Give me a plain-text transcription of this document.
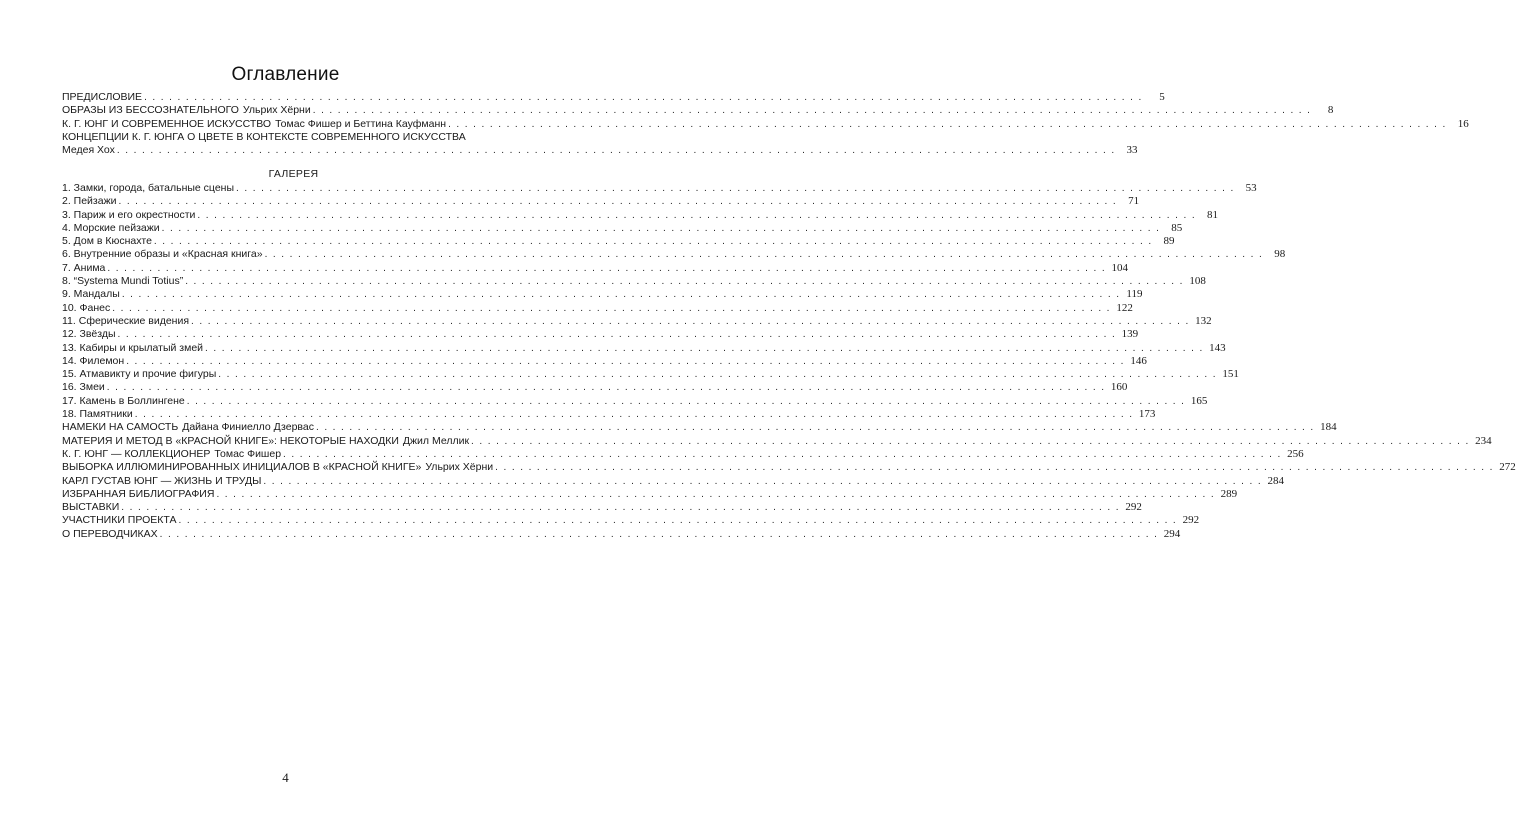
Оглавление
ПРЕДИСЛОВИЕ . . . . . . . . . . . . . . . . . . . . . . . . . . . . . . . . . . . . . . . . . . . . . . . . . . . . . . . . . . . . . . . . . . . . . . . . . . . . . . . . . . . . . . . . . . . . . . . . . . . . . . . . . . . . . . . . . . . . . . . .	5
ОБРАЗЫ ИЗ БЕССОЗНАТЕЛЬНОГО Ульрих Хёрни . . . . . . . . . . . . . . . . . . . . . . . . . . . . . . . . . . . . . . . . . . . . . . . . . . . . . . . . . . . . . . . . . . . . . . . . . . . . . . . . . . . . . . . . . . . . . . . . . . . . . . . . . . . . . . . . . . . . . . . .	8
К. Г. ЮНГ И СОВРЕМЕННОЕ ИСКУССТВО Томас Фишер и Беттина Кауфманн . . . . . . . . . . . . . . . . . . . . . . . . . . . . . . . . . . . . . . . . . . . . . . . . . . . . . . . . . . . . . . . . . . . . . . . . . . . . . . . . . . . . . . . . . . . . . . . . . . . . . . . . . . . . . . . . . . . . . . . .	16
КОНЦЕПЦИИ К. Г. ЮНГА О ЦВЕТЕ В КОНТЕКСТЕ СОВРЕМЕННОГО ИСКУССТВА
Медея Хох . . . . . . . . . . . . . . . . . . . . . . . . . . . . . . . . . . . . . . . . . . . . . . . . . . . . . . . . . . . . . . . . . . . . . . . . . . . . . . . . . . . . . . . . . . . . . . . . . . . . . . . . . . . . . . . . . . . . . . . .	33
ГАЛЕРЕЯ
1. Замки, города, батальные сцены . . . . . . . . . . . . . . . . . . . . . . . . . . . . . . . . . . . . . . . . . . . . . . . . . . . . . . . . . . . . . . . . . . . . . . . . . . . . . . . . . . . . . . . . . . . . . . . . . . . . . . . . . . . . . . . . . . . . . . . .	53
2. Пейзажи . . . . . . . . . . . . . . . . . . . . . . . . . . . . . . . . . . . . . . . . . . . . . . . . . . . . . . . . . . . . . . . . . . . . . . . . . . . . . . . . . . . . . . . . . . . . . . . . . . . . . . . . . . . . . . . . . . . . . . . .	71
3. Париж и его окрестности . . . . . . . . . . . . . . . . . . . . . . . . . . . . . . . . . . . . . . . . . . . . . . . . . . . . . . . . . . . . . . . . . . . . . . . . . . . . . . . . . . . . . . . . . . . . . . . . . . . . . . . . . . . . . . . . . . . . . . . .	81
4. Морские пейзажи . . . . . . . . . . . . . . . . . . . . . . . . . . . . . . . . . . . . . . . . . . . . . . . . . . . . . . . . . . . . . . . . . . . . . . . . . . . . . . . . . . . . . . . . . . . . . . . . . . . . . . . . . . . . . . . . . . . . . . . .	85
5. Дом в Кюснахте . . . . . . . . . . . . . . . . . . . . . . . . . . . . . . . . . . . . . . . . . . . . . . . . . . . . . . . . . . . . . . . . . . . . . . . . . . . . . . . . . . . . . . . . . . . . . . . . . . . . . . . . . . . . . . . . . . . . . . . .	89
6. Внутренние образы и «Красная книга» . . . . . . . . . . . . . . . . . . . . . . . . . . . . . . . . . . . . . . . . . . . . . . . . . . . . . . . . . . . . . . . . . . . . . . . . . . . . . . . . . . . . . . . . . . . . . . . . . . . . . . . . . . . . . . . . . . . . . . . .	98
7. Анима . . . . . . . . . . . . . . . . . . . . . . . . . . . . . . . . . . . . . . . . . . . . . . . . . . . . . . . . . . . . . . . . . . . . . . . . . . . . . . . . . . . . . . . . . . . . . . . . . . . . . . . . . . . . . . . . . . . . . . . . 104
8. “Systema Mundi Totius” . . . . . . . . . . . . . . . . . . . . . . . . . . . . . . . . . . . . . . . . . . . . . . . . . . . . . . . . . . . . . . . . . . . . . . . . . . . . . . . . . . . . . . . . . . . . . . . . . . . . . . . . . . . . . . . . . . . . . . . . 108
9. Мандалы . . . . . . . . . . . . . . . . . . . . . . . . . . . . . . . . . . . . . . . . . . . . . . . . . . . . . . . . . . . . . . . . . . . . . . . . . . . . . . . . . . . . . . . . . . . . . . . . . . . . . . . . . . . . . . . . . . . . . . . . 119
10. Фанес . . . . . . . . . . . . . . . . . . . . . . . . . . . . . . . . . . . . . . . . . . . . . . . . . . . . . . . . . . . . . . . . . . . . . . . . . . . . . . . . . . . . . . . . . . . . . . . . . . . . . . . . . . . . . . . . . . . . . . . . 122
11. Сферические видения . . . . . . . . . . . . . . . . . . . . . . . . . . . . . . . . . . . . . . . . . . . . . . . . . . . . . . . . . . . . . . . . . . . . . . . . . . . . . . . . . . . . . . . . . . . . . . . . . . . . . . . . . . . . . . . . . . . . . . . . 132
12. Звёзды . . . . . . . . . . . . . . . . . . . . . . . . . . . . . . . . . . . . . . . . . . . . . . . . . . . . . . . . . . . . . . . . . . . . . . . . . . . . . . . . . . . . . . . . . . . . . . . . . . . . . . . . . . . . . . . . . . . . . . . . 139
13. Кабиры и крылатый змей . . . . . . . . . . . . . . . . . . . . . . . . . . . . . . . . . . . . . . . . . . . . . . . . . . . . . . . . . . . . . . . . . . . . . . . . . . . . . . . . . . . . . . . . . . . . . . . . . . . . . . . . . . . . . . . . . . . . . . . . 143
14. Филемон . . . . . . . . . . . . . . . . . . . . . . . . . . . . . . . . . . . . . . . . . . . . . . . . . . . . . . . . . . . . . . . . . . . . . . . . . . . . . . . . . . . . . . . . . . . . . . . . . . . . . . . . . . . . . . . . . . . . . . . . 146
15. Атмавикту и прочие фигуры . . . . . . . . . . . . . . . . . . . . . . . . . . . . . . . . . . . . . . . . . . . . . . . . . . . . . . . . . . . . . . . . . . . . . . . . . . . . . . . . . . . . . . . . . . . . . . . . . . . . . . . . . . . . . . . . . . . . . . . . 151
16. Змеи . . . . . . . . . . . . . . . . . . . . . . . . . . . . . . . . . . . . . . . . . . . . . . . . . . . . . . . . . . . . . . . . . . . . . . . . . . . . . . . . . . . . . . . . . . . . . . . . . . . . . . . . . . . . . . . . . . . . . . . . 160
17. Камень в Боллингене . . . . . . . . . . . . . . . . . . . . . . . . . . . . . . . . . . . . . . . . . . . . . . . . . . . . . . . . . . . . . . . . . . . . . . . . . . . . . . . . . . . . . . . . . . . . . . . . . . . . . . . . . . . . . . . . . . . . . . . . 165
18. Памятники . . . . . . . . . . . . . . . . . . . . . . . . . . . . . . . . . . . . . . . . . . . . . . . . . . . . . . . . . . . . . . . . . . . . . . . . . . . . . . . . . . . . . . . . . . . . . . . . . . . . . . . . . . . . . . . . . . . . . . . . 173
НАМЕКИ НА САМОСТЬ Дайана Финиелло Дзервас . . . . . . . . . . . . . . . . . . . . . . . . . . . . . . . . . . . . . . . . . . . . . . . . . . . . . . . . . . . . . . . . . . . . . . . . . . . . . . . . . . . . . . . . . . . . . . . . . . . . . . . . . . . . . . . . . . . . . . . . 184
МАТЕРИЯ И МЕТОД В «КРАСНОЙ КНИГЕ»: НЕКОТОРЫЕ НАХОДКИ Джил Меллик . . . . . . . . . . . . . . . . . . . . . . . . . . . . . . . . . . . . . . . . . . . . . . . . . . . . . . . . . . . . . . . . . . . . . . . . . . . . . . . . . . . . . . . . . . . . . . . . . . . . . . . . . . . . . . . . . . . . . . . . 234
К. Г. ЮНГ — КОЛЛЕКЦИОНЕР Томас Фишер . . . . . . . . . . . . . . . . . . . . . . . . . . . . . . . . . . . . . . . . . . . . . . . . . . . . . . . . . . . . . . . . . . . . . . . . . . . . . . . . . . . . . . . . . . . . . . . . . . . . . . . . . . . . . . . . . . . . . . . . 256
ВЫБОРКА ИЛЛЮМИНИРОВАННЫХ ИНИЦИАЛОВ В «КРАСНОЙ КНИГЕ» Ульрих Хёрни . . . . . . . . . . . . . . . . . . . . . . . . . . . . . . . . . . . . . . . . . . . . . . . . . . . . . . . . . . . . . . . . . . . . . . . . . . . . . . . . . . . . . . . . . . . . . . . . . . . . . . . . . . . . . . . . . . . . . . . . 272
КАРЛ ГУСТАВ ЮНГ — ЖИЗНЬ И ТРУДЫ . . . . . . . . . . . . . . . . . . . . . . . . . . . . . . . . . . . . . . . . . . . . . . . . . . . . . . . . . . . . . . . . . . . . . . . . . . . . . . . . . . . . . . . . . . . . . . . . . . . . . . . . . . . . . . . . . . . . . . . . 284
ИЗБРАННАЯ БИБЛИОГРАФИЯ . . . . . . . . . . . . . . . . . . . . . . . . . . . . . . . . . . . . . . . . . . . . . . . . . . . . . . . . . . . . . . . . . . . . . . . . . . . . . . . . . . . . . . . . . . . . . . . . . . . . . . . . . . . . . . . . . . . . . . . . 289
ВЫСТАВКИ . . . . . . . . . . . . . . . . . . . . . . . . . . . . . . . . . . . . . . . . . . . . . . . . . . . . . . . . . . . . . . . . . . . . . . . . . . . . . . . . . . . . . . . . . . . . . . . . . . . . . . . . . . . . . . . . . . . . . . . . 292
УЧАСТНИКИ ПРОЕКТА . . . . . . . . . . . . . . . . . . . . . . . . . . . . . . . . . . . . . . . . . . . . . . . . . . . . . . . . . . . . . . . . . . . . . . . . . . . . . . . . . . . . . . . . . . . . . . . . . . . . . . . . . . . . . . . . . . . . . . . . 292
О ПЕРЕВОДЧИКАХ . . . . . . . . . . . . . . . . . . . . . . . . . . . . . . . . . . . . . . . . . . . . . . . . . . . . . . . . . . . . . . . . . . . . . . . . . . . . . . . . . . . . . . . . . . . . . . . . . . . . . . . . . . . . . . . . . . . . . . . . 294
4
